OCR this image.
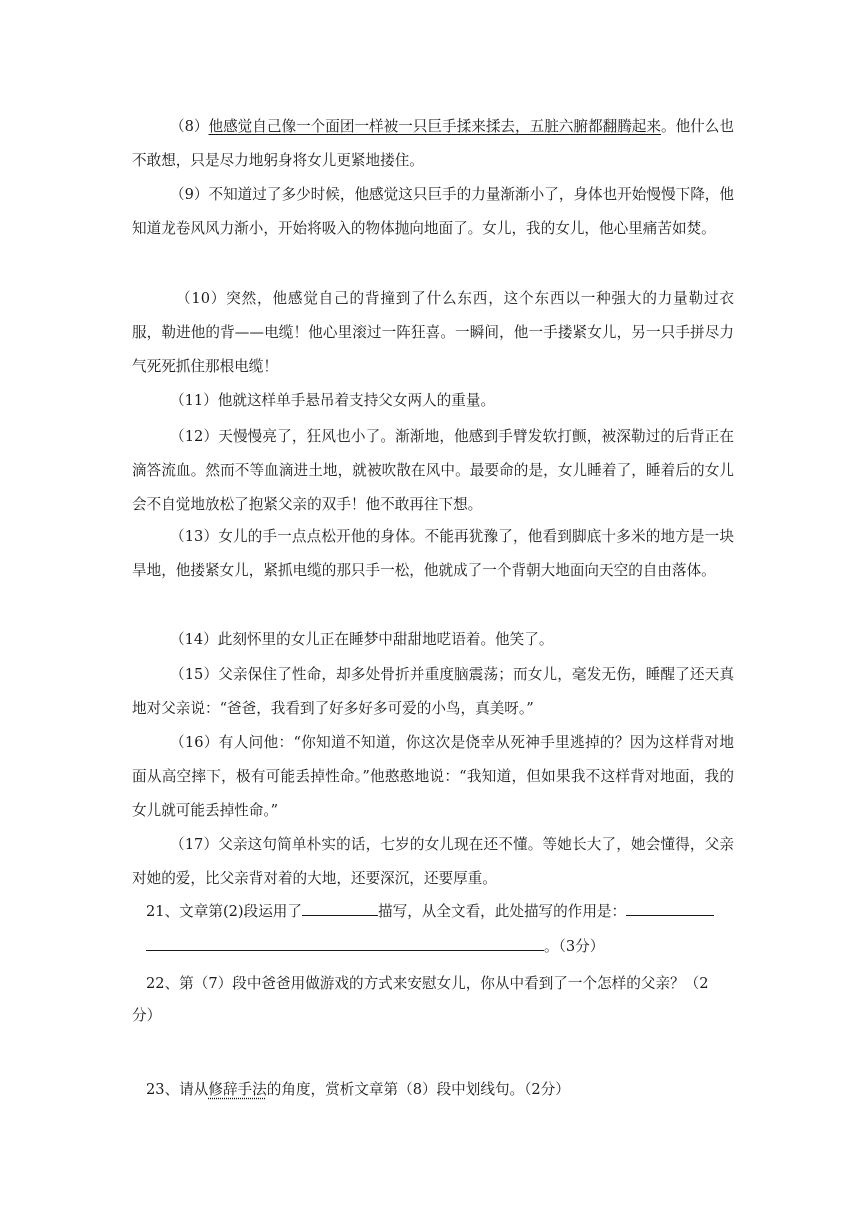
（8）他感觉自己像一个面团一样被一只巨手揉来揉去，五脏六腑都翻腾起来。他什么也不敢想，只是尽力地躬身将女儿更紧地搂住。

（9）不知道过了多少时候，他感觉这只巨手的力量渐渐小了，身体也开始慢慢下降，他知道龙卷风风力渐小，开始将吸入的物体抛向地面了。女儿，我的女儿，他心里痛苦如焚。

（10）突然，他感觉自己的背撞到了什么东西，这个东西以一种强大的力量勒过衣服，勒进他的背——电缆！他心里滚过一阵狂喜。一瞬间，他一手搂紧女儿，另一只手拼尽力气死死抓住那根电缆！

（11）他就这样单手悬吊着支持父女两人的重量。

（12）天慢慢亮了，狂风也小了。渐渐地，他感到手臂发软打颤，被深勒过的后背正在滴答流血。然而不等血滴进土地，就被吹散在风中。最要命的是，女儿睡着了，睡着后的女儿会不自觉地放松了抱紧父亲的双手！他不敢再往下想。

（13）女儿的手一点点松开他的身体。不能再犹豫了，他看到脚底十多米的地方是一块旱地，他搂紧女儿，紧抓电缆的那只手一松，他就成了一个背朝大地面向天空的自由落体。

（14）此刻怀里的女儿正在睡梦中甜甜地呓语着。他笑了。

（15）父亲保住了性命，却多处骨折并重度脑震荡；而女儿，毫发无伤，睡醒了还天真地对父亲说：“爸爸，我看到了好多好多可爱的小鸟，真美呀。”

（16）有人问他：“你知道不知道，你这次是侥幸从死神手里逃掉的？因为这样背对地面从高空摔下，极有可能丢掉性命。”他憨憨地说：“我知道，但如果我不这样背对地面，我的女儿就可能丢掉性命。”

（17）父亲这句简单朴实的话，七岁的女儿现在还不懂。等她长大了，她会懂得，父亲对她的爱，比父亲背对着的大地，还要深沉，还要厚重。

21、文章第(2)段运用了	描写，从全文看，此处描写的作用是：
。（3分）
22、第（7）段中爸爸用做游戏的方式来安慰女儿，你从中看到了一个怎样的父亲？（2
分）
23、请从修辞手法的角度，赏析文章第（8）段中划线句。（2分）
